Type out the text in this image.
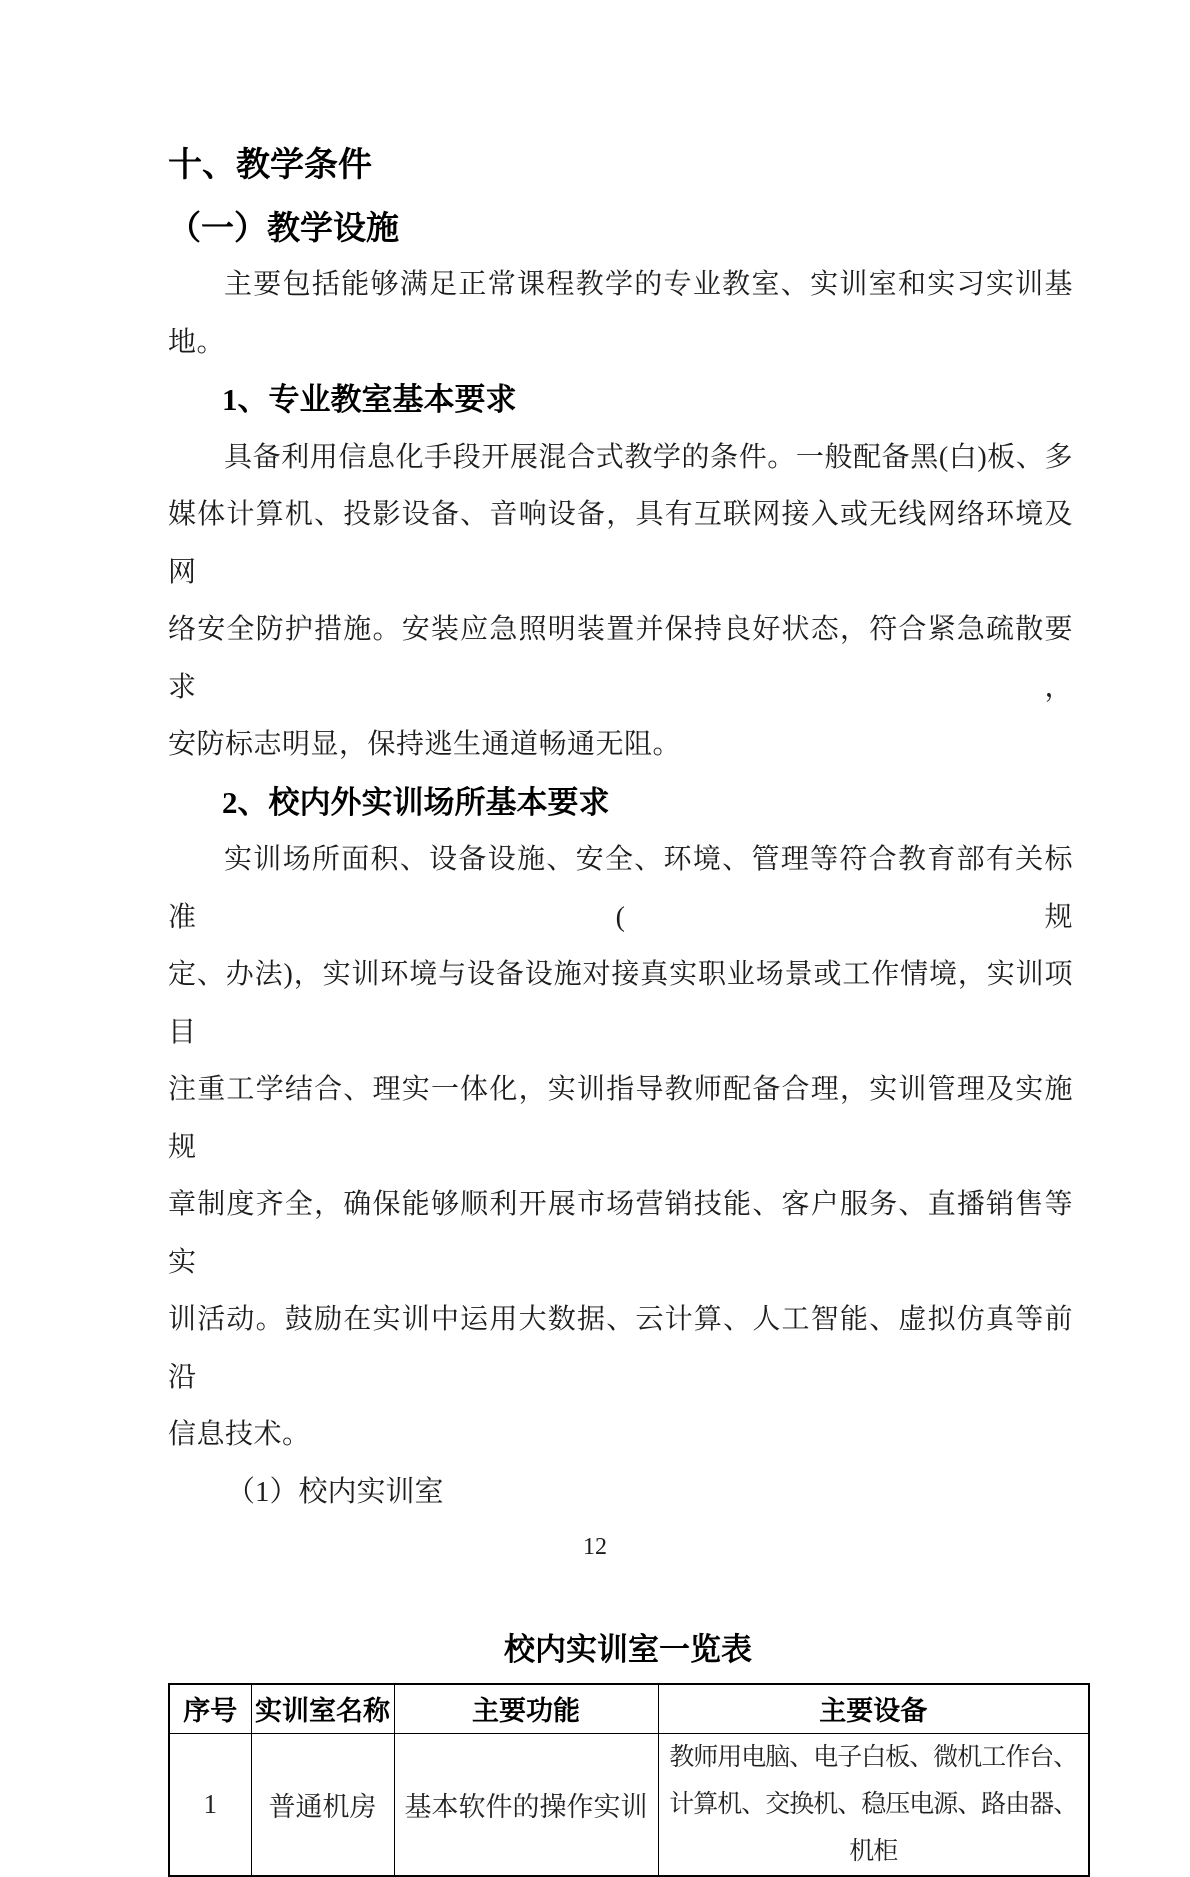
十、教学条件
（一）教学设施
主要包括能够满足正常课程教学的专业教室、实训室和实习实训基
地。
1、专业教室基本要求
具备利用信息化手段开展混合式教学的条件。一般配备黑(白)板、多
媒体计算机、投影设备、音响设备，具有互联网接入或无线网络环境及网
络安全防护措施。安装应急照明装置并保持良好状态，符合紧急疏散要求，
安防标志明显，保持逃生通道畅通无阻。
2、校内外实训场所基本要求
实训场所面积、设备设施、安全、环境、管理等符合教育部有关标准(规
定、办法)，实训环境与设备设施对接真实职业场景或工作情境，实训项目
注重工学结合、理实一体化，实训指导教师配备合理，实训管理及实施规
章制度齐全，确保能够顺利开展市场营销技能、客户服务、直播销售等实
训活动。鼓励在实训中运用大数据、云计算、人工智能、虚拟仿真等前沿
信息技术。
（1）校内实训室
校内实训室一览表
序号	实训室名称	主要功能	主要设备
1	普通机房	基本软件的操作实训	教师用电脑、电子白板、微机工作台、
计算机、交换机、稳压电源、路由器、
机柜
12
